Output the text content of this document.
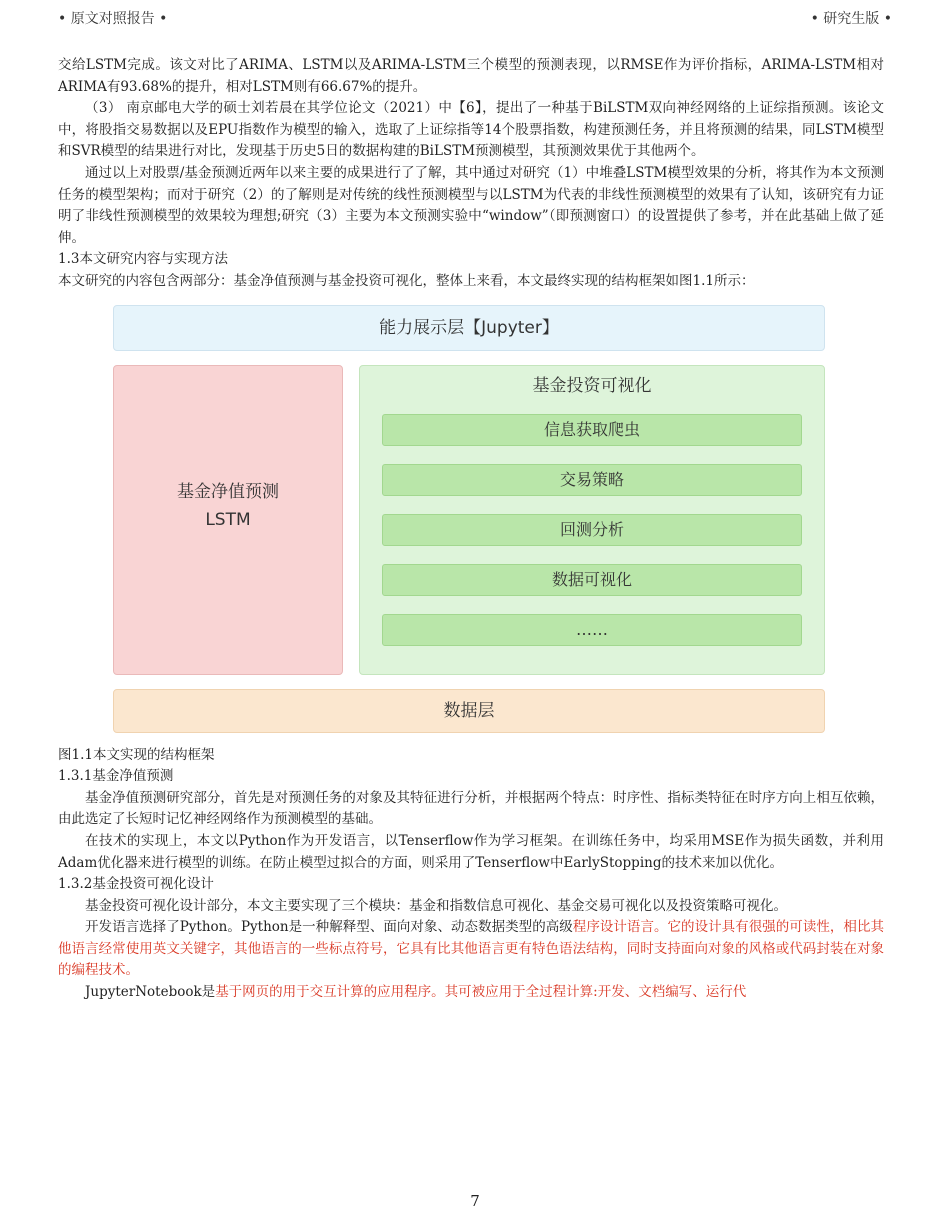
• 原文对照报告 •	• 研究生版 •

交给LSTM完成。该文对比了ARIMA、LSTM以及ARIMA-LSTM三个模型的预测表现，以RMSE作为评价指标，ARIMA-LSTM相对ARIMA有93.68%的提升，相对LSTM则有66.67%的提升。

（3） 南京邮电大学的硕士刘若晨在其学位论文（2021）中【6】，提出了一种基于BiLSTM双向神经网络的上证综指预测。该论文中，将股指交易数据以及EPU指数作为模型的输入，选取了上证综指等14个股票指数，构建预测任务，并且将预测的结果，同LSTM模型和SVR模型的结果进行对比，发现基于历史5日的数据构建的BiLSTM预测模型，其预测效果优于其他两个。

通过以上对股票/基金预测近两年以来主要的成果进行了了解，其中通过对研究（1）中堆叠LSTM模型效果的分析，将其作为本文预测任务的模型架构；而对于研究（2）的了解则是对传统的线性预测模型与以LSTM为代表的非线性预测模型的效果有了认知，该研究有力证明了非线性预测模型的效果较为理想;研究（3）主要为本文预测实验中“window”（即预测窗口）的设置提供了参考，并在此基础上做了延伸。

1.3本文研究内容与实现方法

本文研究的内容包含两部分：基金净值预测与基金投资可视化，整体上来看，本文最终实现的结构框架如图1.1所示：

能力展示层【Jupyter】
基金净值预测
LSTM
基金投资可视化
信息获取爬虫
交易策略
回测分析
数据可视化
……
数据层

图1.1本文实现的结构框架

1.3.1基金净值预测

基金净值预测研究部分，首先是对预测任务的对象及其特征进行分析，并根据两个特点：时序性、指标类特征在时序方向上相互依赖，由此选定了长短时记忆神经网络作为预测模型的基础。

在技术的实现上，本文以Python作为开发语言，以Tenserflow作为学习框架。在训练任务中，均采用MSE作为损失函数，并利用Adam优化器来进行模型的训练。在防止模型过拟合的方面，则采用了Tenserflow中EarlyStopping的技术来加以优化。

1.3.2基金投资可视化设计

基金投资可视化设计部分，本文主要实现了三个模块：基金和指数信息可视化、基金交易可视化以及投资策略可视化。

开发语言选择了Python。Python是一种解释型、面向对象、动态数据类型的高级程序设计语言。它的设计具有很强的可读性，相比其他语言经常使用英文关键字，其他语言的一些标点符号，它具有比其他语言更有特色语法结构，同时支持面向对象的风格或代码封装在对象的编程技术。

JupyterNotebook是基于网页的用于交互计算的应用程序。其可被应用于全过程计算:开发、文档编写、运行代

7
